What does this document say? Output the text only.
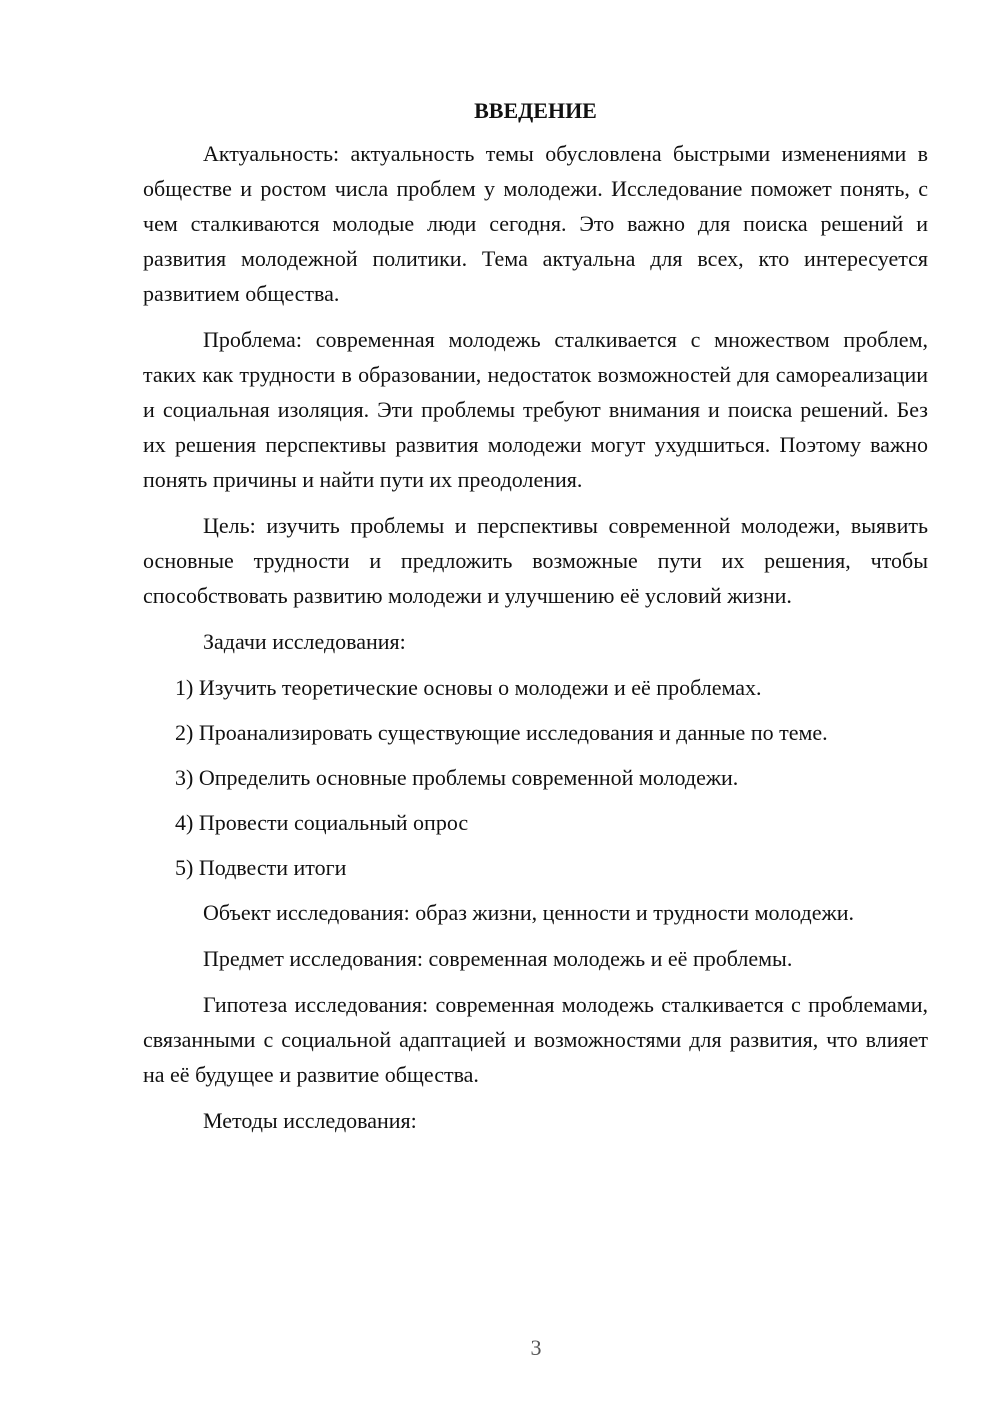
ВВЕДЕНИЕ

Актуальность: актуальность темы обусловлена быстрыми изменениями в обществе и ростом числа проблем у молодежи. Исследование поможет понять, с чем сталкиваются молодые люди сегодня. Это важно для поиска решений и развития молодежной политики. Тема актуальна для всех, кто интересуется развитием общества.

Проблема: современная молодежь сталкивается с множеством проблем, таких как трудности в образовании, недостаток возможностей для самореализации и социальная изоляция. Эти проблемы требуют внимания и поиска решений. Без их решения перспективы развития молодежи могут ухудшиться. Поэтому важно понять причины и найти пути их преодоления.

Цель: изучить проблемы и перспективы современной молодежи, выявить основные трудности и предложить возможные пути их решения, чтобы способствовать развитию молодежи и улучшению её условий жизни.

Задачи исследования:

1) Изучить теоретические основы о молодежи и её проблемах.
2) Проанализировать существующие исследования и данные по теме.
3) Определить основные проблемы современной молодежи.
4) Провести социальный опрос
5) Подвести итоги

Объект исследования: образ жизни, ценности и трудности молодежи.

Предмет исследования: современная молодежь и её проблемы.

Гипотеза исследования: современная молодежь сталкивается с проблемами, связанными с социальной адаптацией и возможностями для развития, что влияет на её будущее и развитие общества.

Методы исследования:

3
